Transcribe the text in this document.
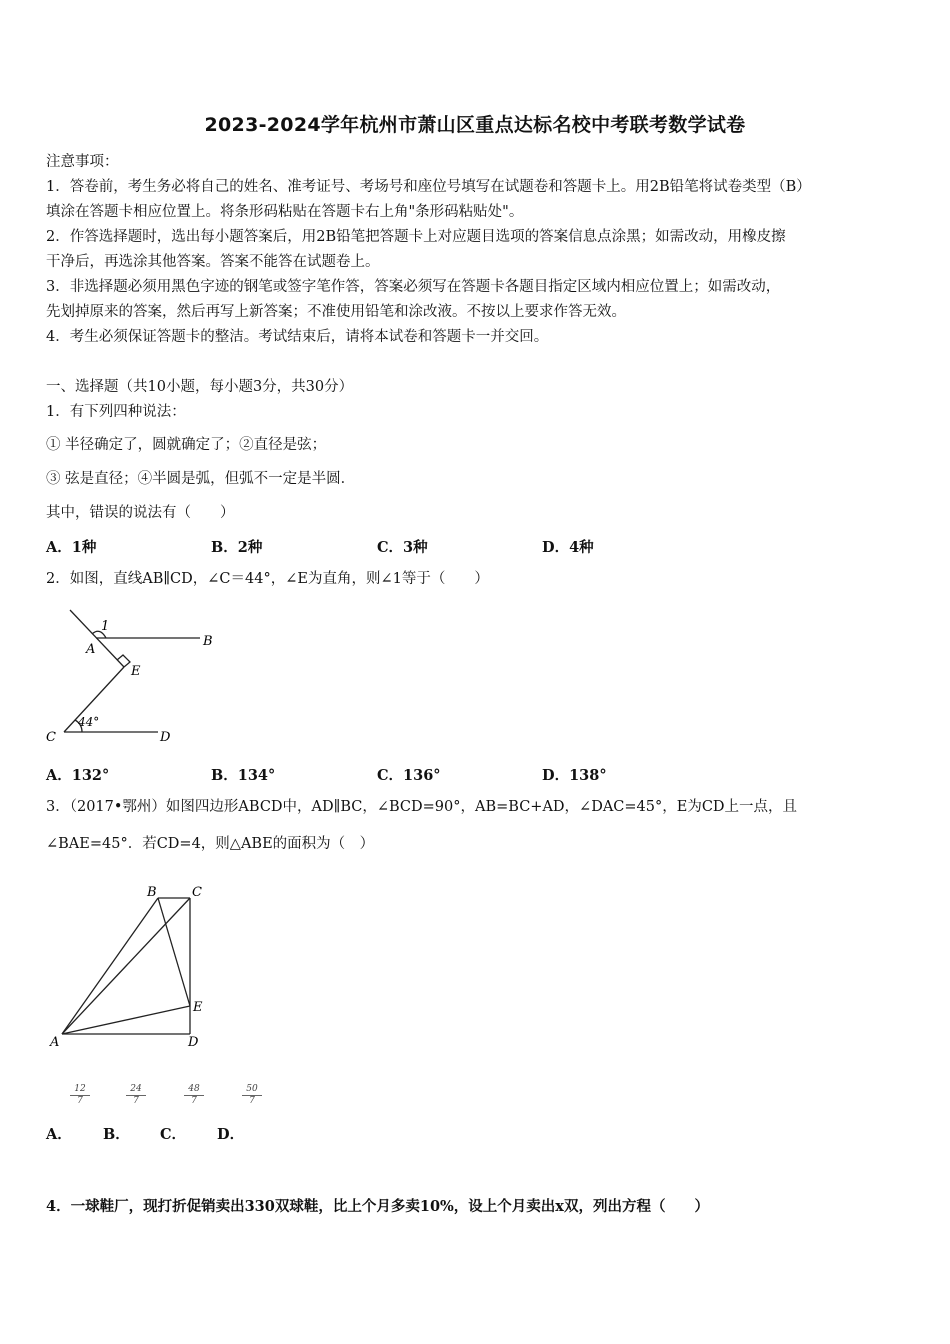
2023-2024学年杭州市萧山区重点达标名校中考联考数学试卷
注意事项：
1．答卷前，考生务必将自己的姓名、准考证号、考场号和座位号填写在试题卷和答题卡上。用2B铅笔将试卷类型（B）
填涂在答题卡相应位置上。将条形码粘贴在答题卡右上角"条形码粘贴处"。
2．作答选择题时，选出每小题答案后，用2B铅笔把答题卡上对应题目选项的答案信息点涂黑；如需改动，用橡皮擦
干净后，再选涂其他答案。答案不能答在试题卷上。
3．非选择题必须用黑色字迹的钢笔或签字笔作答，答案必须写在答题卡各题目指定区域内相应位置上；如需改动，
先划掉原来的答案，然后再写上新答案；不准使用铅笔和涂改液。不按以上要求作答无效。
4．考生必须保证答题卡的整洁。考试结束后，请将本试卷和答题卡一并交回。
一、选择题（共10小题，每小题3分，共30分）
1．有下列四种说法：
① 半径确定了，圆就确定了；②直径是弦；
③ 弦是直径；④半圆是弧，但弧不一定是半圆．
其中，错误的说法有（　　）
A．1种	B．2种	C．3种	D．4种
2．如图，直线AB∥CD，∠C＝44°，∠E为直角，则∠1等于（　　）
1
A
B
E
44°
C	D
A．132°	B．134°	C．136°	D．138°
3．（2017•鄂州）如图四边形ABCD中，AD∥BC，∠BCD=90°，AB=BC+AD，∠DAC=45°，E为CD上一点，且
∠BAE=45°．若CD=4，则△ABE的面积为（　）
B	C
E
A	D
$\frac{12}{7}$	$\frac{24}{7}$	$\frac{48}{7}$	$\frac{50}{7}$
A． B． C． D．
4．一球鞋厂，现打折促销卖出330双球鞋，比上个月多卖10%，设上个月卖出x双，列出方程（　　）
